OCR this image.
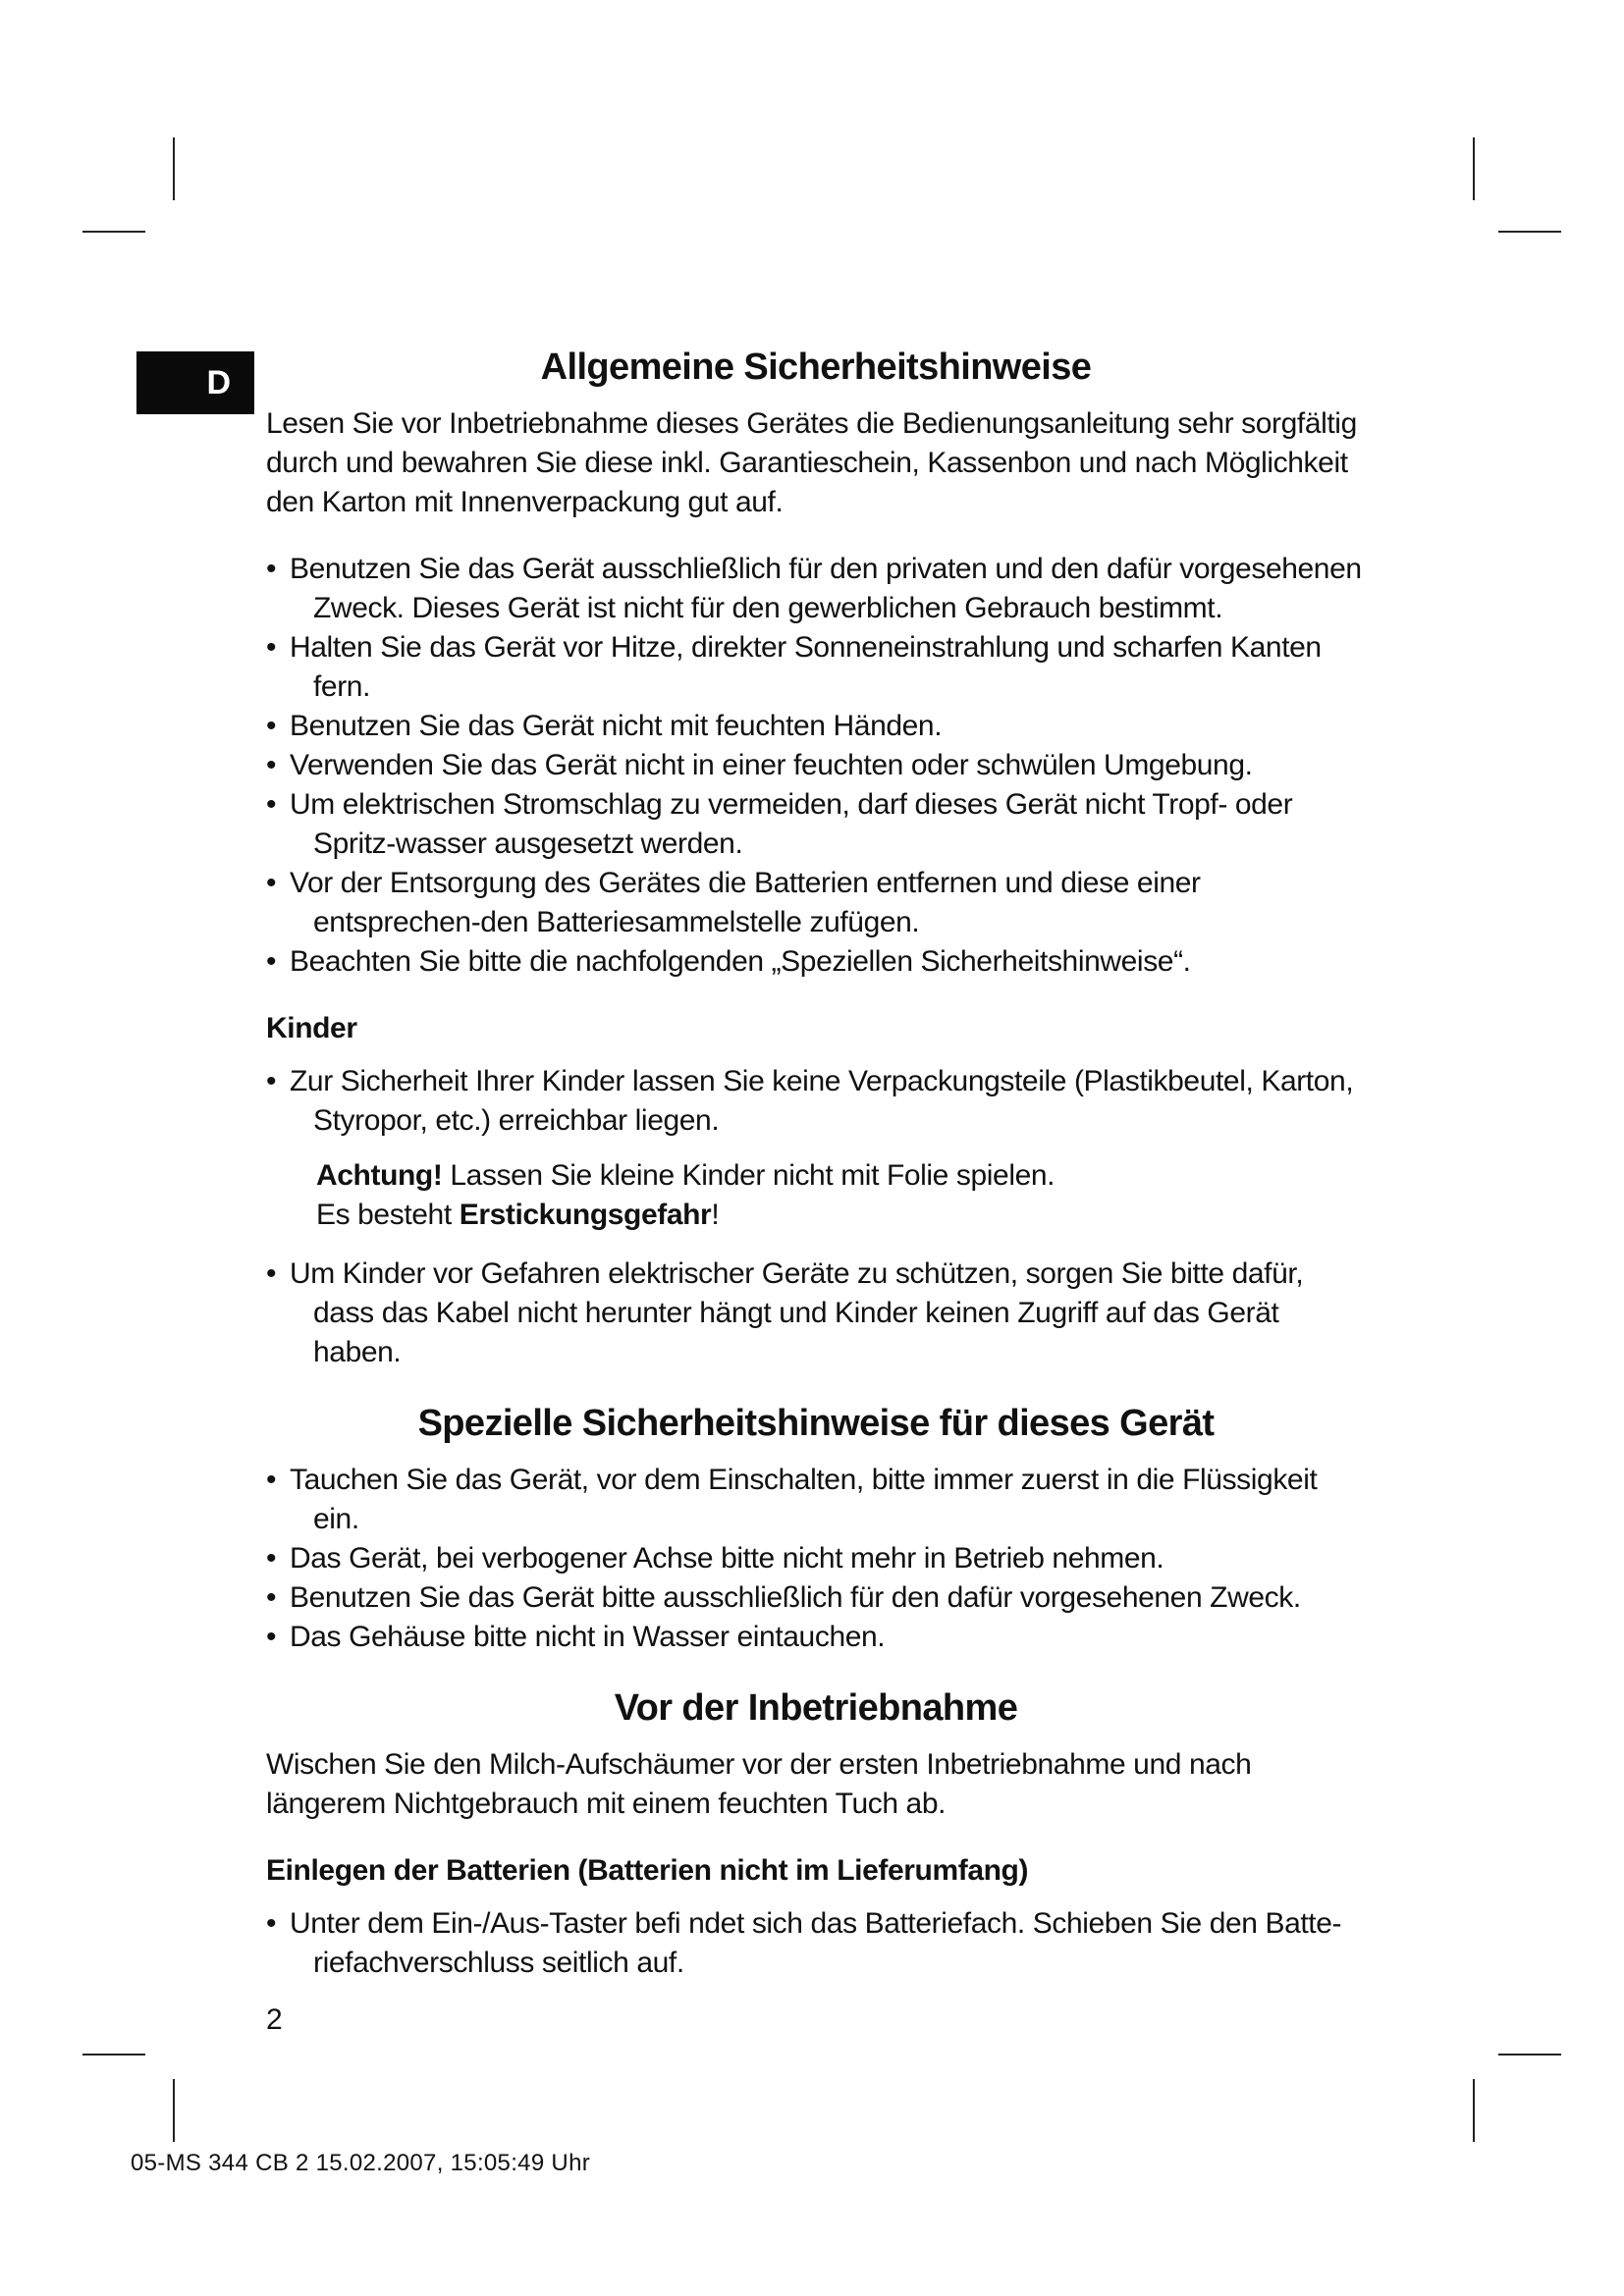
D	Allgemeine Sicherheitshinweise

Lesen Sie vor Inbetriebnahme dieses Gerätes die Bedienungsanleitung sehr sorgfältig durch und bewahren Sie diese inkl. Garantieschein, Kassenbon und nach Möglichkeit den Karton mit Innenverpackung gut auf.

• Benutzen Sie das Gerät ausschließlich für den privaten und den dafür vorgesehenen Zweck. Dieses Gerät ist nicht für den gewerblichen Gebrauch bestimmt.
• Halten Sie das Gerät vor Hitze, direkter Sonneneinstrahlung und scharfen Kanten fern.
• Benutzen Sie das Gerät nicht mit feuchten Händen.
• Verwenden Sie das Gerät nicht in einer feuchten oder schwülen Umgebung.
• Um elektrischen Stromschlag zu vermeiden, darf dieses Gerät nicht Tropf- oder Spritz-wasser ausgesetzt werden.
• Vor der Entsorgung des Gerätes die Batterien entfernen und diese einer entsprechen-den Batteriesammelstelle zufügen.
• Beachten Sie bitte die nachfolgenden „Speziellen Sicherheitshinweise“.
Kinder
• Zur Sicherheit Ihrer Kinder lassen Sie keine Verpackungsteile (Plastikbeutel, Karton, Styropor, etc.) erreichbar liegen.

Achtung! Lassen Sie kleine Kinder nicht mit Folie spielen.

Es besteht Erstickungsgefahr!

• Um Kinder vor Gefahren elektrischer Geräte zu schützen, sorgen Sie bitte dafür, dass das Kabel nicht herunter hängt und Kinder keinen Zugriff auf das Gerät haben.
Spezielle Sicherheitshinweise für dieses Gerät
• Tauchen Sie das Gerät, vor dem Einschalten, bitte immer zuerst in die Flüssigkeit ein.
• Das Gerät, bei verbogener Achse bitte nicht mehr in Betrieb nehmen.
• Benutzen Sie das Gerät bitte ausschließlich für den dafür vorgesehenen Zweck.
• Das Gehäuse bitte nicht in Wasser eintauchen.
Vor der Inbetriebnahme

Wischen Sie den Milch-Aufschäumer vor der ersten Inbetriebnahme und nach längerem Nichtgebrauch mit einem feuchten Tuch ab.

Einlegen der Batterien (Batterien nicht im Lieferumfang)
• Unter dem Ein-/Aus-Taster befi ndet sich das Batteriefach. Schieben Sie den Batte-riefachverschluss seitlich auf.
2
05-MS 344 CB 2 15.02.2007, 15:05:49 Uhr
